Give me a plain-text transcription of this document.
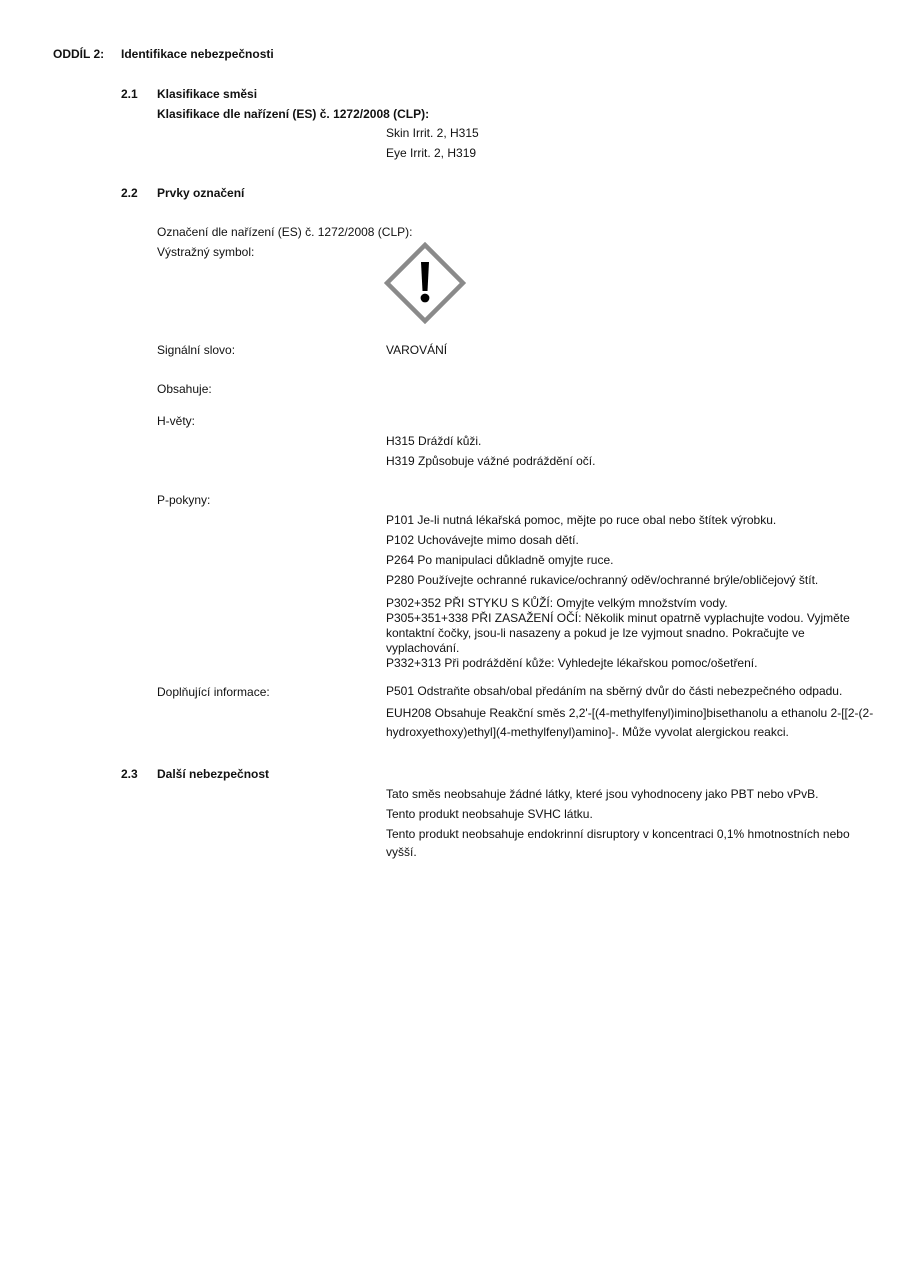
ODDÍL 2: Identifikace nebezpečnosti
2.1 Klasifikace směsi
Klasifikace dle nařízení (ES) č. 1272/2008 (CLP):
Skin Irrit. 2, H315
Eye Irrit. 2, H319
2.2 Prvky označení
Označení dle nařízení (ES) č. 1272/2008 (CLP):
Výstražný symbol:
Signální slovo:	VAROVÁNÍ
Obsahuje:
H-věty:
H315 Dráždí kůži.
H319 Způsobuje vážné podráždění očí.
P-pokyny:
P101 Je-li nutná lékařská pomoc, mějte po ruce obal nebo štítek výrobku.
P102 Uchovávejte mimo dosah dětí.
P264 Po manipulaci důkladně omyjte ruce.
P280 Používejte ochranné rukavice/ochranný oděv/ochranné brýle/obličejový štít.
P302+352 PŘI STYKU S KŮŽÍ: Omyjte velkým množstvím vody.
P305+351+338 PŘI ZASAŽENÍ OČÍ: Několik minut opatrně vyplachujte vodou. Vyjměte
kontaktní čočky, jsou-li nasazeny a pokud je lze vyjmout snadno. Pokračujte ve
vyplachování.
P332+313 Při podráždění kůže: Vyhledejte lékařskou pomoc/ošetření.
Doplňující informace:	P501 Odstraňte obsah/obal předáním na sběrný dvůr do části nebezpečného odpadu.
EUH208 Obsahuje Reakční směs 2,2'-[(4-methylfenyl)imino]bisethanolu a ethanolu 2-[[2-(2-
hydroxyethoxy)ethyl](4-methylfenyl)amino]-. Může vyvolat alergickou reakci.
2.3 Další nebezpečnost
Tato směs neobsahuje žádné látky, které jsou vyhodnoceny jako PBT nebo vPvB.
Tento produkt neobsahuje SVHC látku.
Tento produkt neobsahuje endokrinní disruptory v koncentraci 0,1% hmotnostních nebo
vyšší.
